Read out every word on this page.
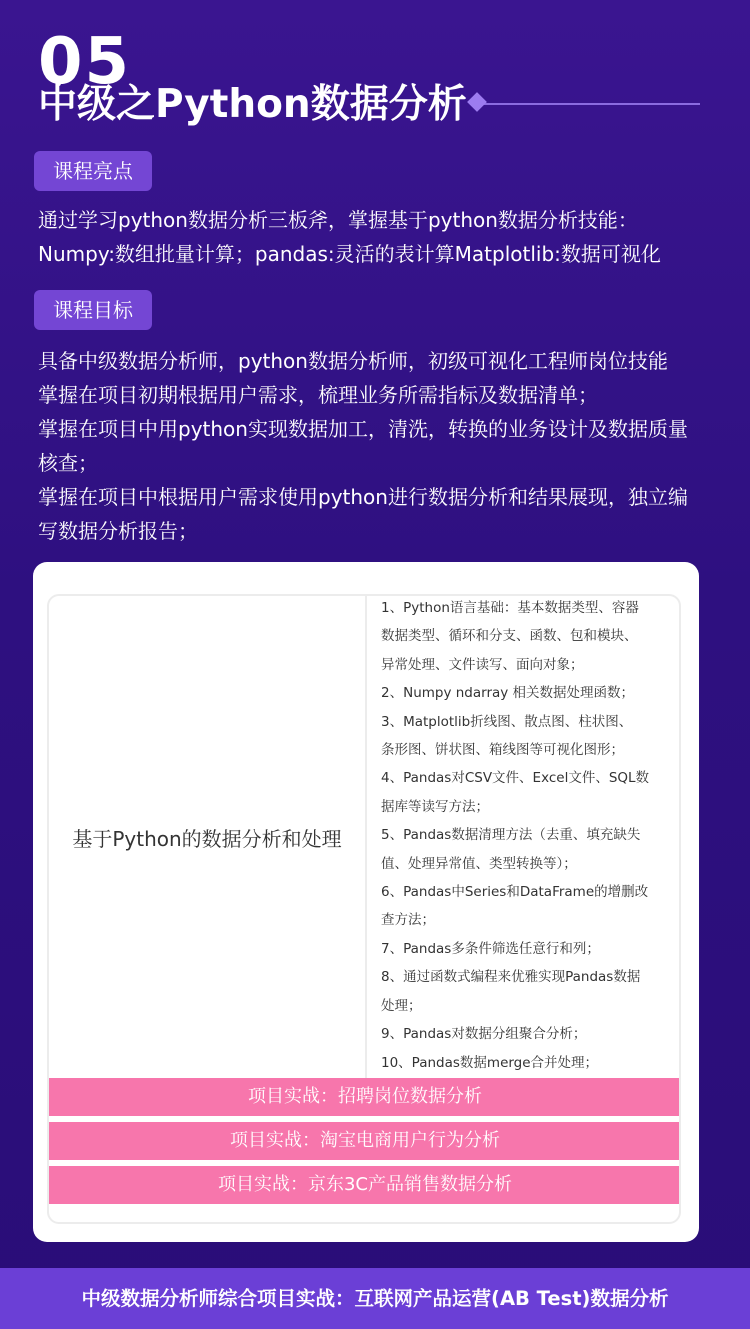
05
中级之Python数据分析
课程亮点
通过学习python数据分析三板斧，掌握基于python数据分析技能：
Numpy:数组批量计算；pandas:灵活的表计算Matplotlib:数据可视化
课程目标
具备中级数据分析师，python数据分析师，初级可视化工程师岗位技能
掌握在项目初期根据用户需求，梳理业务所需指标及数据清单；
掌握在项目中用python实现数据加工，清洗，转换的业务设计及数据质量
核查；
掌握在项目中根据用户需求使用python进行数据分析和结果展现，独立编
写数据分析报告；
基于Python的数据分析和处理
1、Python语言基础：基本数据类型、容器
数据类型、循环和分支、函数、包和模块、
异常处理、文件读写、面向对象；
2、Numpy ndarray 相关数据处理函数；
3、Matplotlib折线图、散点图、柱状图、
条形图、饼状图、箱线图等可视化图形；
4、Pandas对CSV文件、Excel文件、SQL数
据库等读写方法；
5、Pandas数据清理方法（去重、填充缺失
值、处理异常值、类型转换等）；
6、Pandas中Series和DataFrame的增删改
查方法；
7、Pandas多条件筛选任意行和列；
8、通过函数式编程来优雅实现Pandas数据
处理；
9、Pandas对数据分组聚合分析；
10、Pandas数据merge合并处理；
项目实战：招聘岗位数据分析
项目实战：淘宝电商用户行为分析
项目实战：京东3C产品销售数据分析
中级数据分析师综合项目实战：互联网产品运营(AB Test)数据分析
